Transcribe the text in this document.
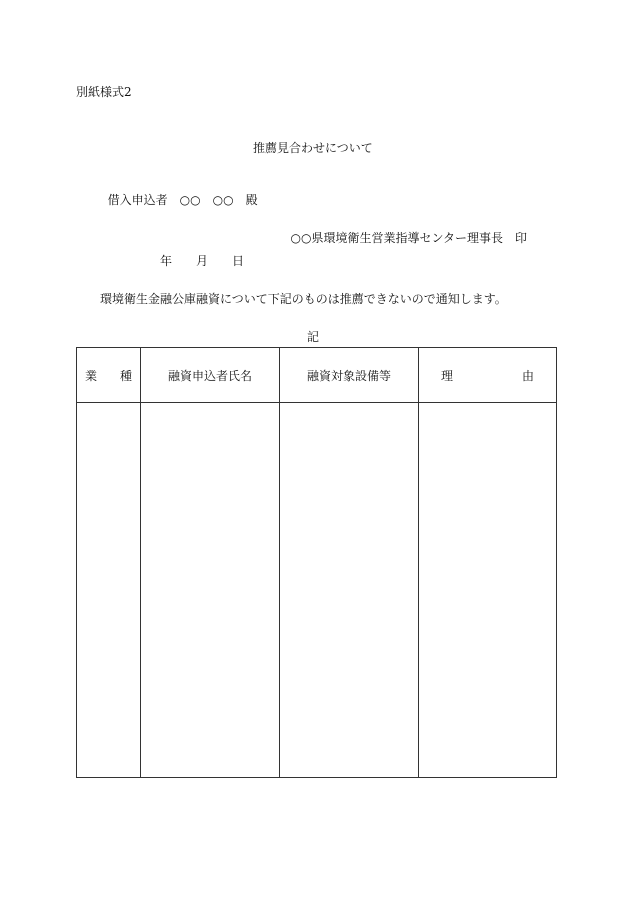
別紙様式2
推薦見合わせについて

借入申込者 ○○ ○○ 殿

○○県環境衛生営業指導センター理事長 印

年 月 日
環境衛生金融公庫融資について下記のものは推薦できないので通知します。
記
業 種	融資申込者氏名	融資対象設備等	理 由
